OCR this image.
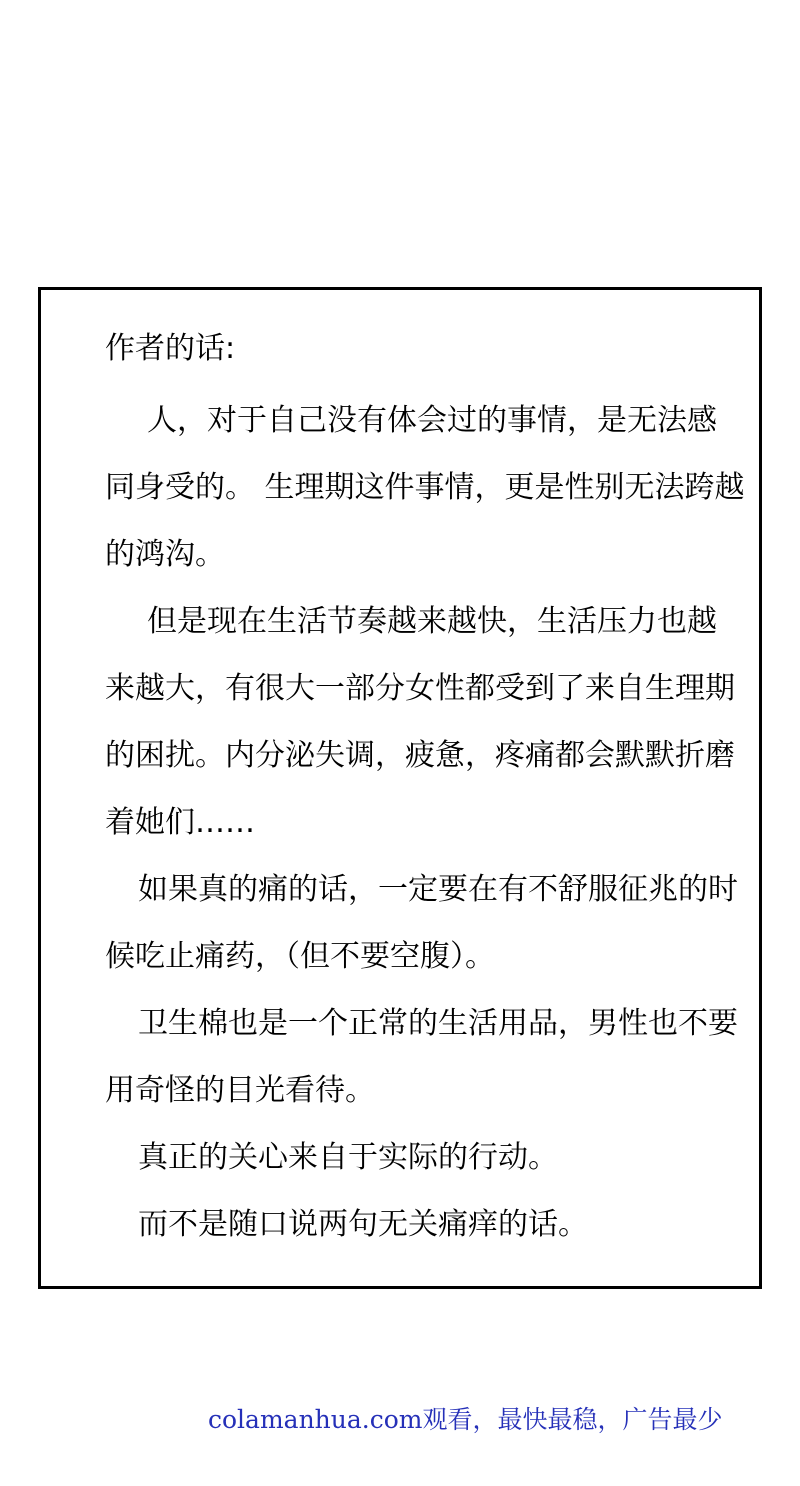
作者的话:

人，对于自己没有体会过的事情，是无法感同身受的。 生理期这件事情，更是性别无法跨越的鸿沟。

但是现在生活节奏越来越快，生活压力也越来越大，有很大一部分女性都受到了来自生理期的困扰。内分泌失调，疲惫，疼痛都会默默折磨着她们……

如果真的痛的话，一定要在有不舒服征兆的时候吃止痛药，（但不要空腹）。

卫生棉也是一个正常的生活用品，男性也不要用奇怪的目光看待。

真正的关心来自于实际的行动。

而不是随口说两句无关痛痒的话。

colamanhua.com观看，最快最稳，广告最少
